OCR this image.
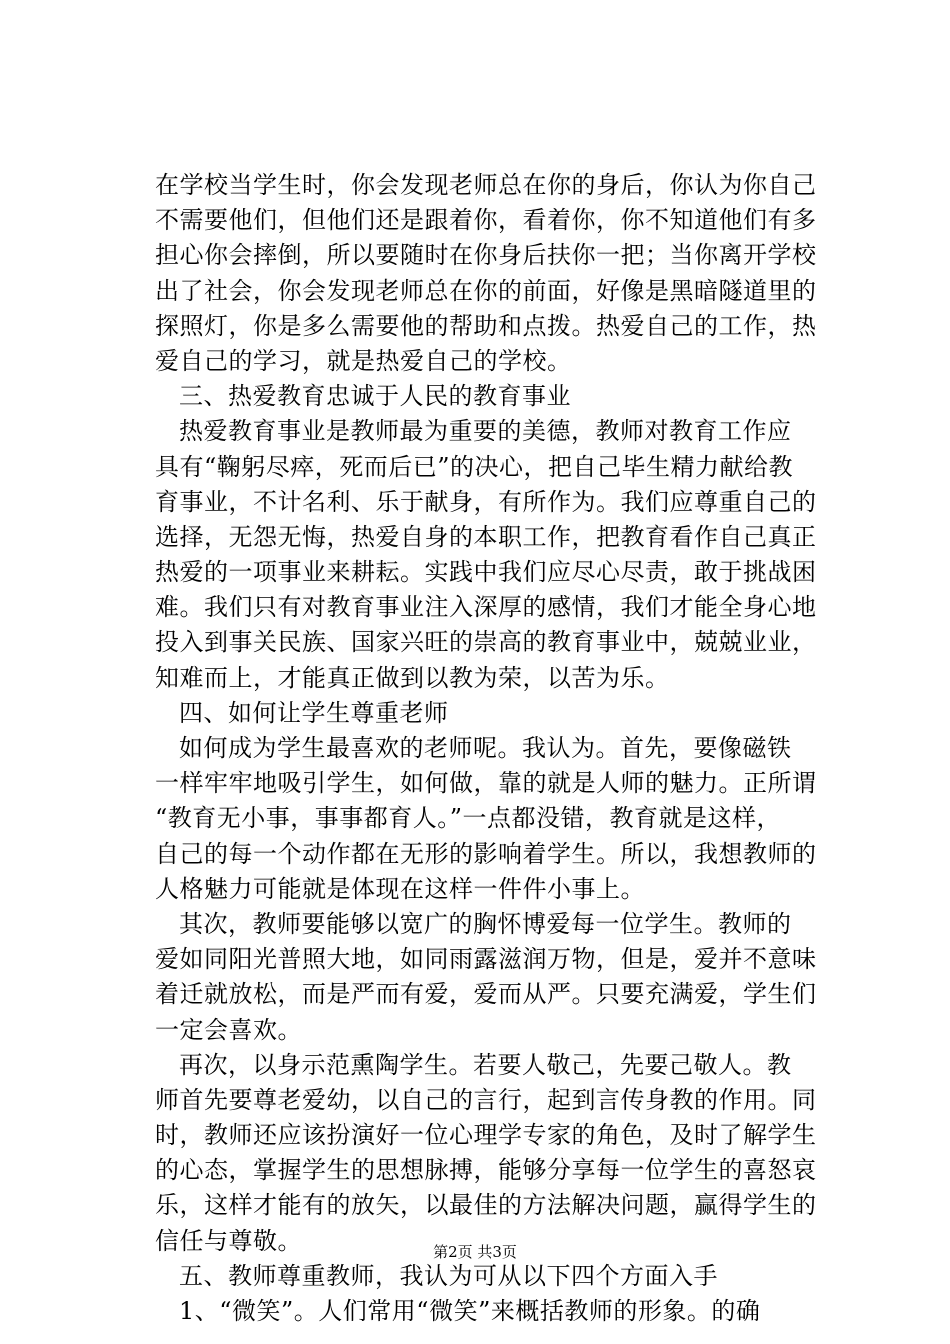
在学校当学生时，你会发现老师总在你的身后，你认为你自己
不需要他们，但他们还是跟着你，看着你，你不知道他们有多
担心你会摔倒，所以要随时在你身后扶你一把；当你离开学校
出了社会，你会发现老师总在你的前面，好像是黑暗隧道里的
探照灯，你是多么需要他的帮助和点拨。热爱自己的工作，热
爱自己的学习，就是热爱自己的学校。
三、热爱教育忠诚于人民的教育事业
热爱教育事业是教师最为重要的美德，教师对教育工作应
具有“鞠躬尽瘁，死而后已”的决心，把自己毕生精力献给教
育事业，不计名利、乐于献身，有所作为。我们应尊重自己的
选择，无怨无悔，热爱自身的本职工作，把教育看作自己真正
热爱的一项事业来耕耘。实践中我们应尽心尽责，敢于挑战困
难。我们只有对教育事业注入深厚的感情，我们才能全身心地
投入到事关民族、国家兴旺的崇高的教育事业中，兢兢业业，
知难而上，才能真正做到以教为荣，以苦为乐。
四、如何让学生尊重老师
如何成为学生最喜欢的老师呢。我认为。首先，要像磁铁
一样牢牢地吸引学生，如何做，靠的就是人师的魅力。正所谓
“教育无小事，事事都育人。”一点都没错，教育就是这样，
自己的每一个动作都在无形的影响着学生。所以，我想教师的
人格魅力可能就是体现在这样一件件小事上。
其次，教师要能够以宽广的胸怀博爱每一位学生。教师的
爱如同阳光普照大地，如同雨露滋润万物，但是，爱并不意味
着迁就放松，而是严而有爱，爱而从严。只要充满爱，学生们
一定会喜欢。
再次，以身示范熏陶学生。若要人敬己，先要己敬人。教
师首先要尊老爱幼，以自己的言行，起到言传身教的作用。同
时，教师还应该扮演好一位心理学专家的角色，及时了解学生
的心态，掌握学生的思想脉搏，能够分享每一位学生的喜怒哀
乐，这样才能有的放矢，以最佳的方法解决问题，赢得学生的
信任与尊敬。
五、教师尊重教师，我认为可从以下四个方面入手
1、“微笑”。人们常用“微笑”来概括教师的形象。的确
第2页 共3页
